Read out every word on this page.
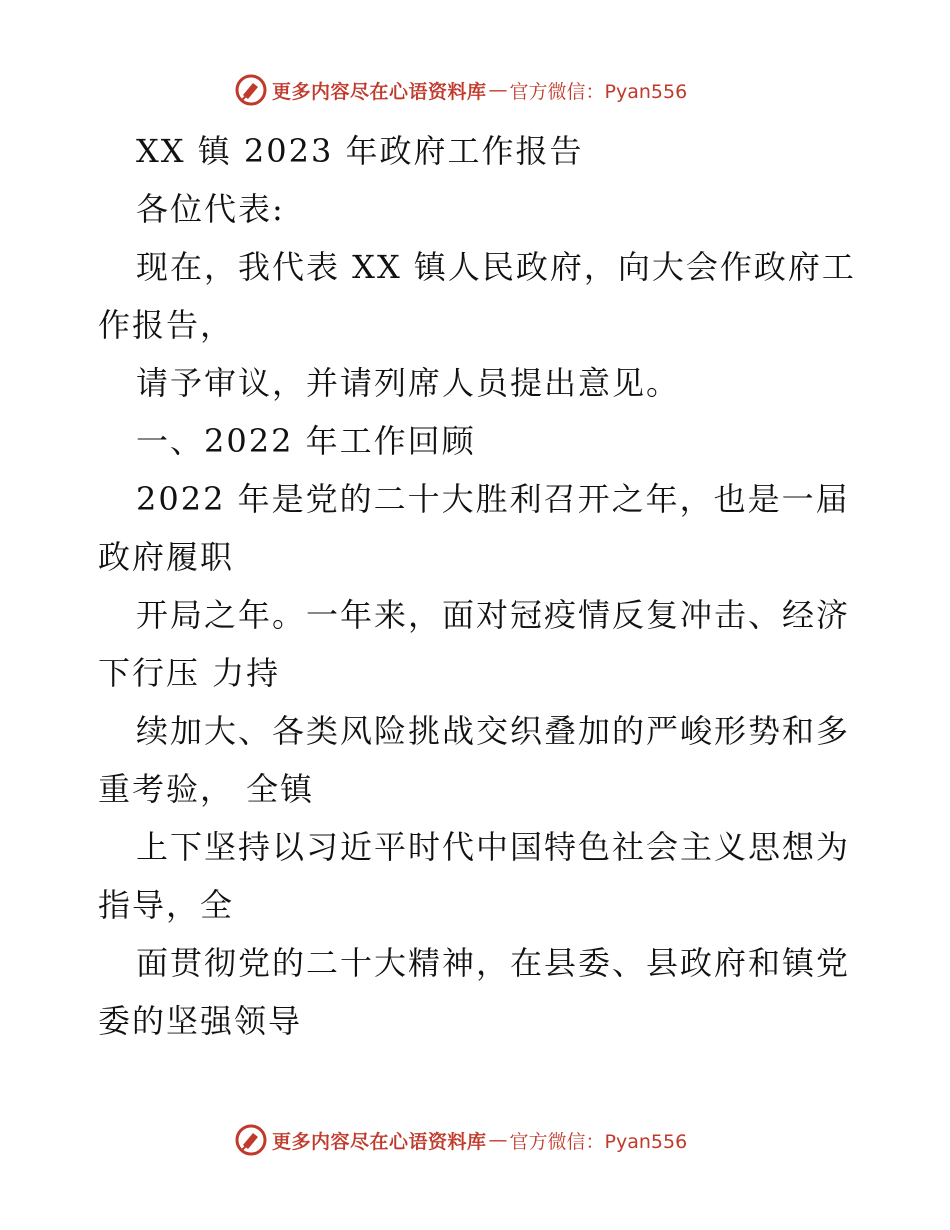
更多内容尽在心语资料库 — 官方微信：Pyan556
XX 镇 2023 年政府工作报告
各位代表:
现在，我代表 XX 镇人民政府，向大会作政府工
作报告，
请予审议，并请列席人员提出意见。
一、2022 年工作回顾
2022 年是党的二十大胜利召开之年，也是一届
政府履职
开局之年。一年来，面对冠疫情反复冲击、经济
下行压 力持
续加大、各类风险挑战交织叠加的严峻形势和多
重考验， 全镇
上下坚持以习近平时代中国特色社会主义思想为
指导，全
面贯彻党的二十大精神，在县委、县政府和镇党
委的坚强领导
更多内容尽在心语资料库 — 官方微信：Pyan556
